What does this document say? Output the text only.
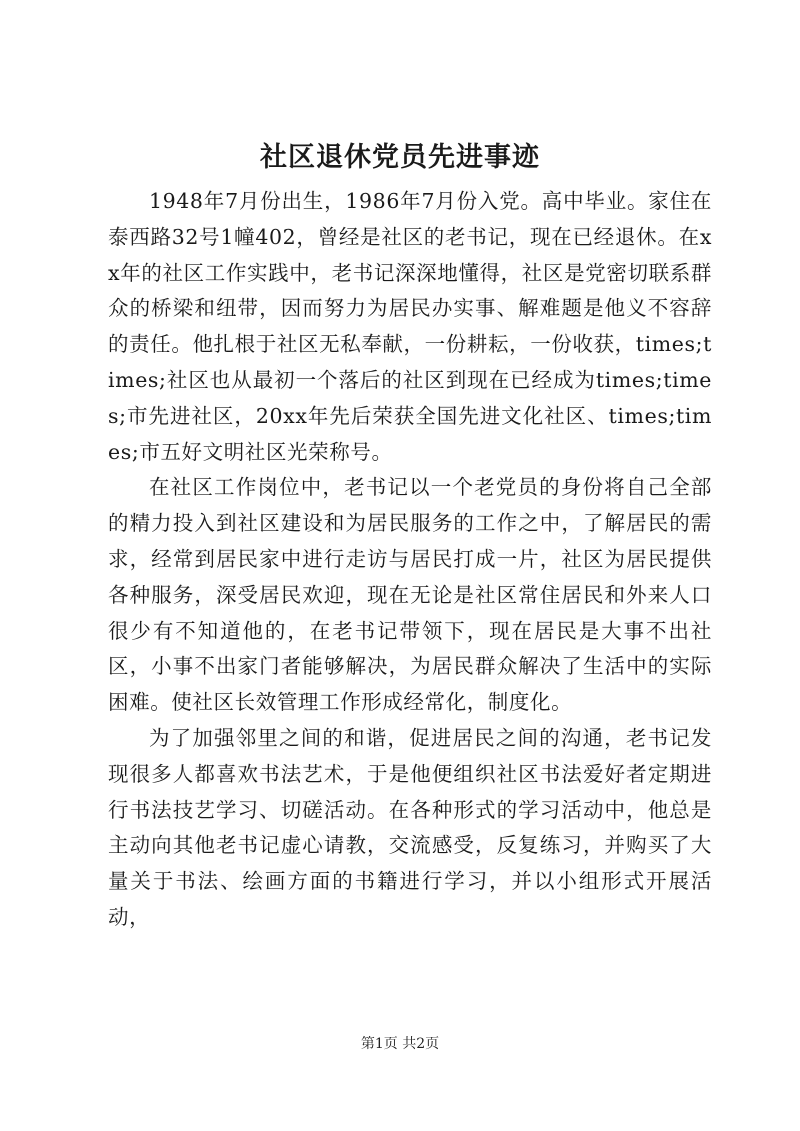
社区退休党员先进事迹

1948年7月份出生，1986年7月份入党。高中毕业。家住在泰西路32号1幢402，曾经是社区的老书记，现在已经退休。在xx年的社区工作实践中，老书记深深地懂得，社区是党密切联系群众的桥梁和纽带，因而努力为居民办实事、解难题是他义不容辞的责任。他扎根于社区无私奉献，一份耕耘，一份收获，times;times;社区也从最初一个落后的社区到现在已经成为times;times;市先进社区，20xx年先后荣获全国先进文化社区、times;times;市五好文明社区光荣称号。

在社区工作岗位中，老书记以一个老党员的身份将自己全部的精力投入到社区建设和为居民服务的工作之中，了解居民的需求，经常到居民家中进行走访与居民打成一片，社区为居民提供各种服务，深受居民欢迎，现在无论是社区常住居民和外来人口很少有不知道他的，在老书记带领下，现在居民是大事不出社区，小事不出家门者能够解决，为居民群众解决了生活中的实际困难。使社区长效管理工作形成经常化，制度化。

为了加强邻里之间的和谐，促进居民之间的沟通，老书记发现很多人都喜欢书法艺术，于是他便组织社区书法爱好者定期进行书法技艺学习、切磋活动。在各种形式的学习活动中，他总是主动向其他老书记虚心请教，交流感受，反复练习，并购买了大量关于书法、绘画方面的书籍进行学习，并以小组形式开展活动，

第1页 共2页
